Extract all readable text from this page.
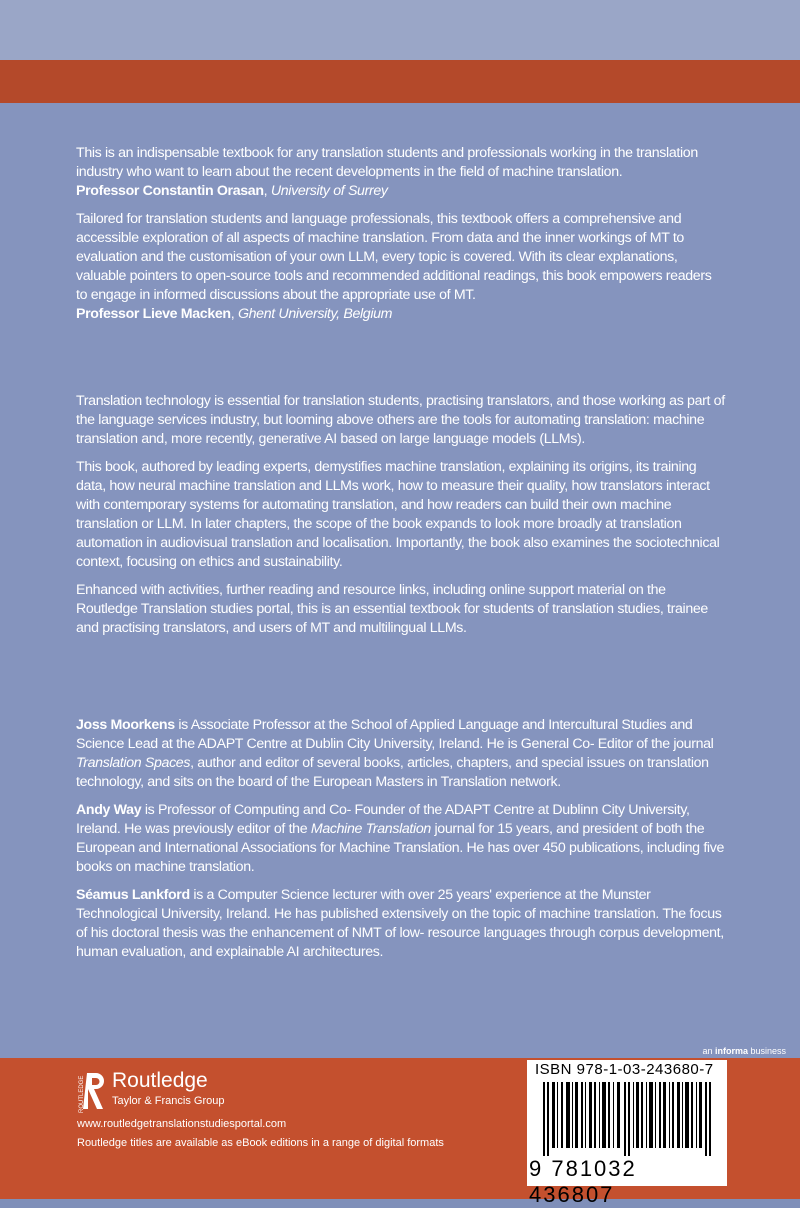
This is an indispensable textbook for any translation students and professionals working in the translation industry who want to learn about the recent developments in the field of machine translation.
Professor Constantin Orasan, University of Surrey

Tailored for translation students and language professionals, this textbook offers a comprehensive and accessible exploration of all aspects of machine translation. From data and the inner workings of MT to evaluation and the customisation of your own LLM, every topic is covered. With its clear explanations, valuable pointers to open-source tools and recommended additional readings, this book empowers readers to engage in informed discussions about the appropriate use of MT.
Professor Lieve Macken, Ghent University, Belgium

Translation technology is essential for translation students, practising translators, and those working as part of the language services industry, but looming above others are the tools for automating translation: machine translation and, more recently, generative AI based on large language models (LLMs).

This book, authored by leading experts, demystifies machine translation, explaining its origins, its training data, how neural machine translation and LLMs work, how to measure their quality, how translators interact with contemporary systems for automating translation, and how readers can build their own machine translation or LLM. In later chapters, the scope of the book expands to look more broadly at translation automation in audiovisual translation and localisation. Importantly, the book also examines the sociotechnical context, focusing on ethics and sustainability.

Enhanced with activities, further reading and resource links, including online support material on the Routledge Translation studies portal, this is an essential textbook for students of translation studies, trainee and practising translators, and users of MT and multilingual LLMs.

Joss Moorkens is Associate Professor at the School of Applied Language and Intercultural Studies and Science Lead at the ADAPT Centre at Dublin City University, Ireland. He is General Co- Editor of the journal Translation Spaces, author and editor of several books, articles, chapters, and special issues on translation technology, and sits on the board of the European Masters in Translation network.

Andy Way is Professor of Computing and Co- Founder of the ADAPT Centre at Dublinn City University, Ireland. He was previously editor of the Machine Translation journal for 15 years, and president of both the European and International Associations for Machine Translation. He has over 450 publications, including five books on machine translation.

Séamus Lankford is a Computer Science lecturer with over 25 years' experience at the Munster Technological University, Ireland. He has published extensively on the topic of machine translation. The focus of his doctoral thesis was the enhancement of NMT of low- resource languages through corpus development, human evaluation, and explainable AI architectures.

an informa business
ROUTLEDGE Routledge
Taylor & Francis Group
www.routledgetranslationstudiesportal.com
Routledge titles are available as eBook editions in a range of digital formats
ISBN 978-1-03-243680-7
9 781032 436807
